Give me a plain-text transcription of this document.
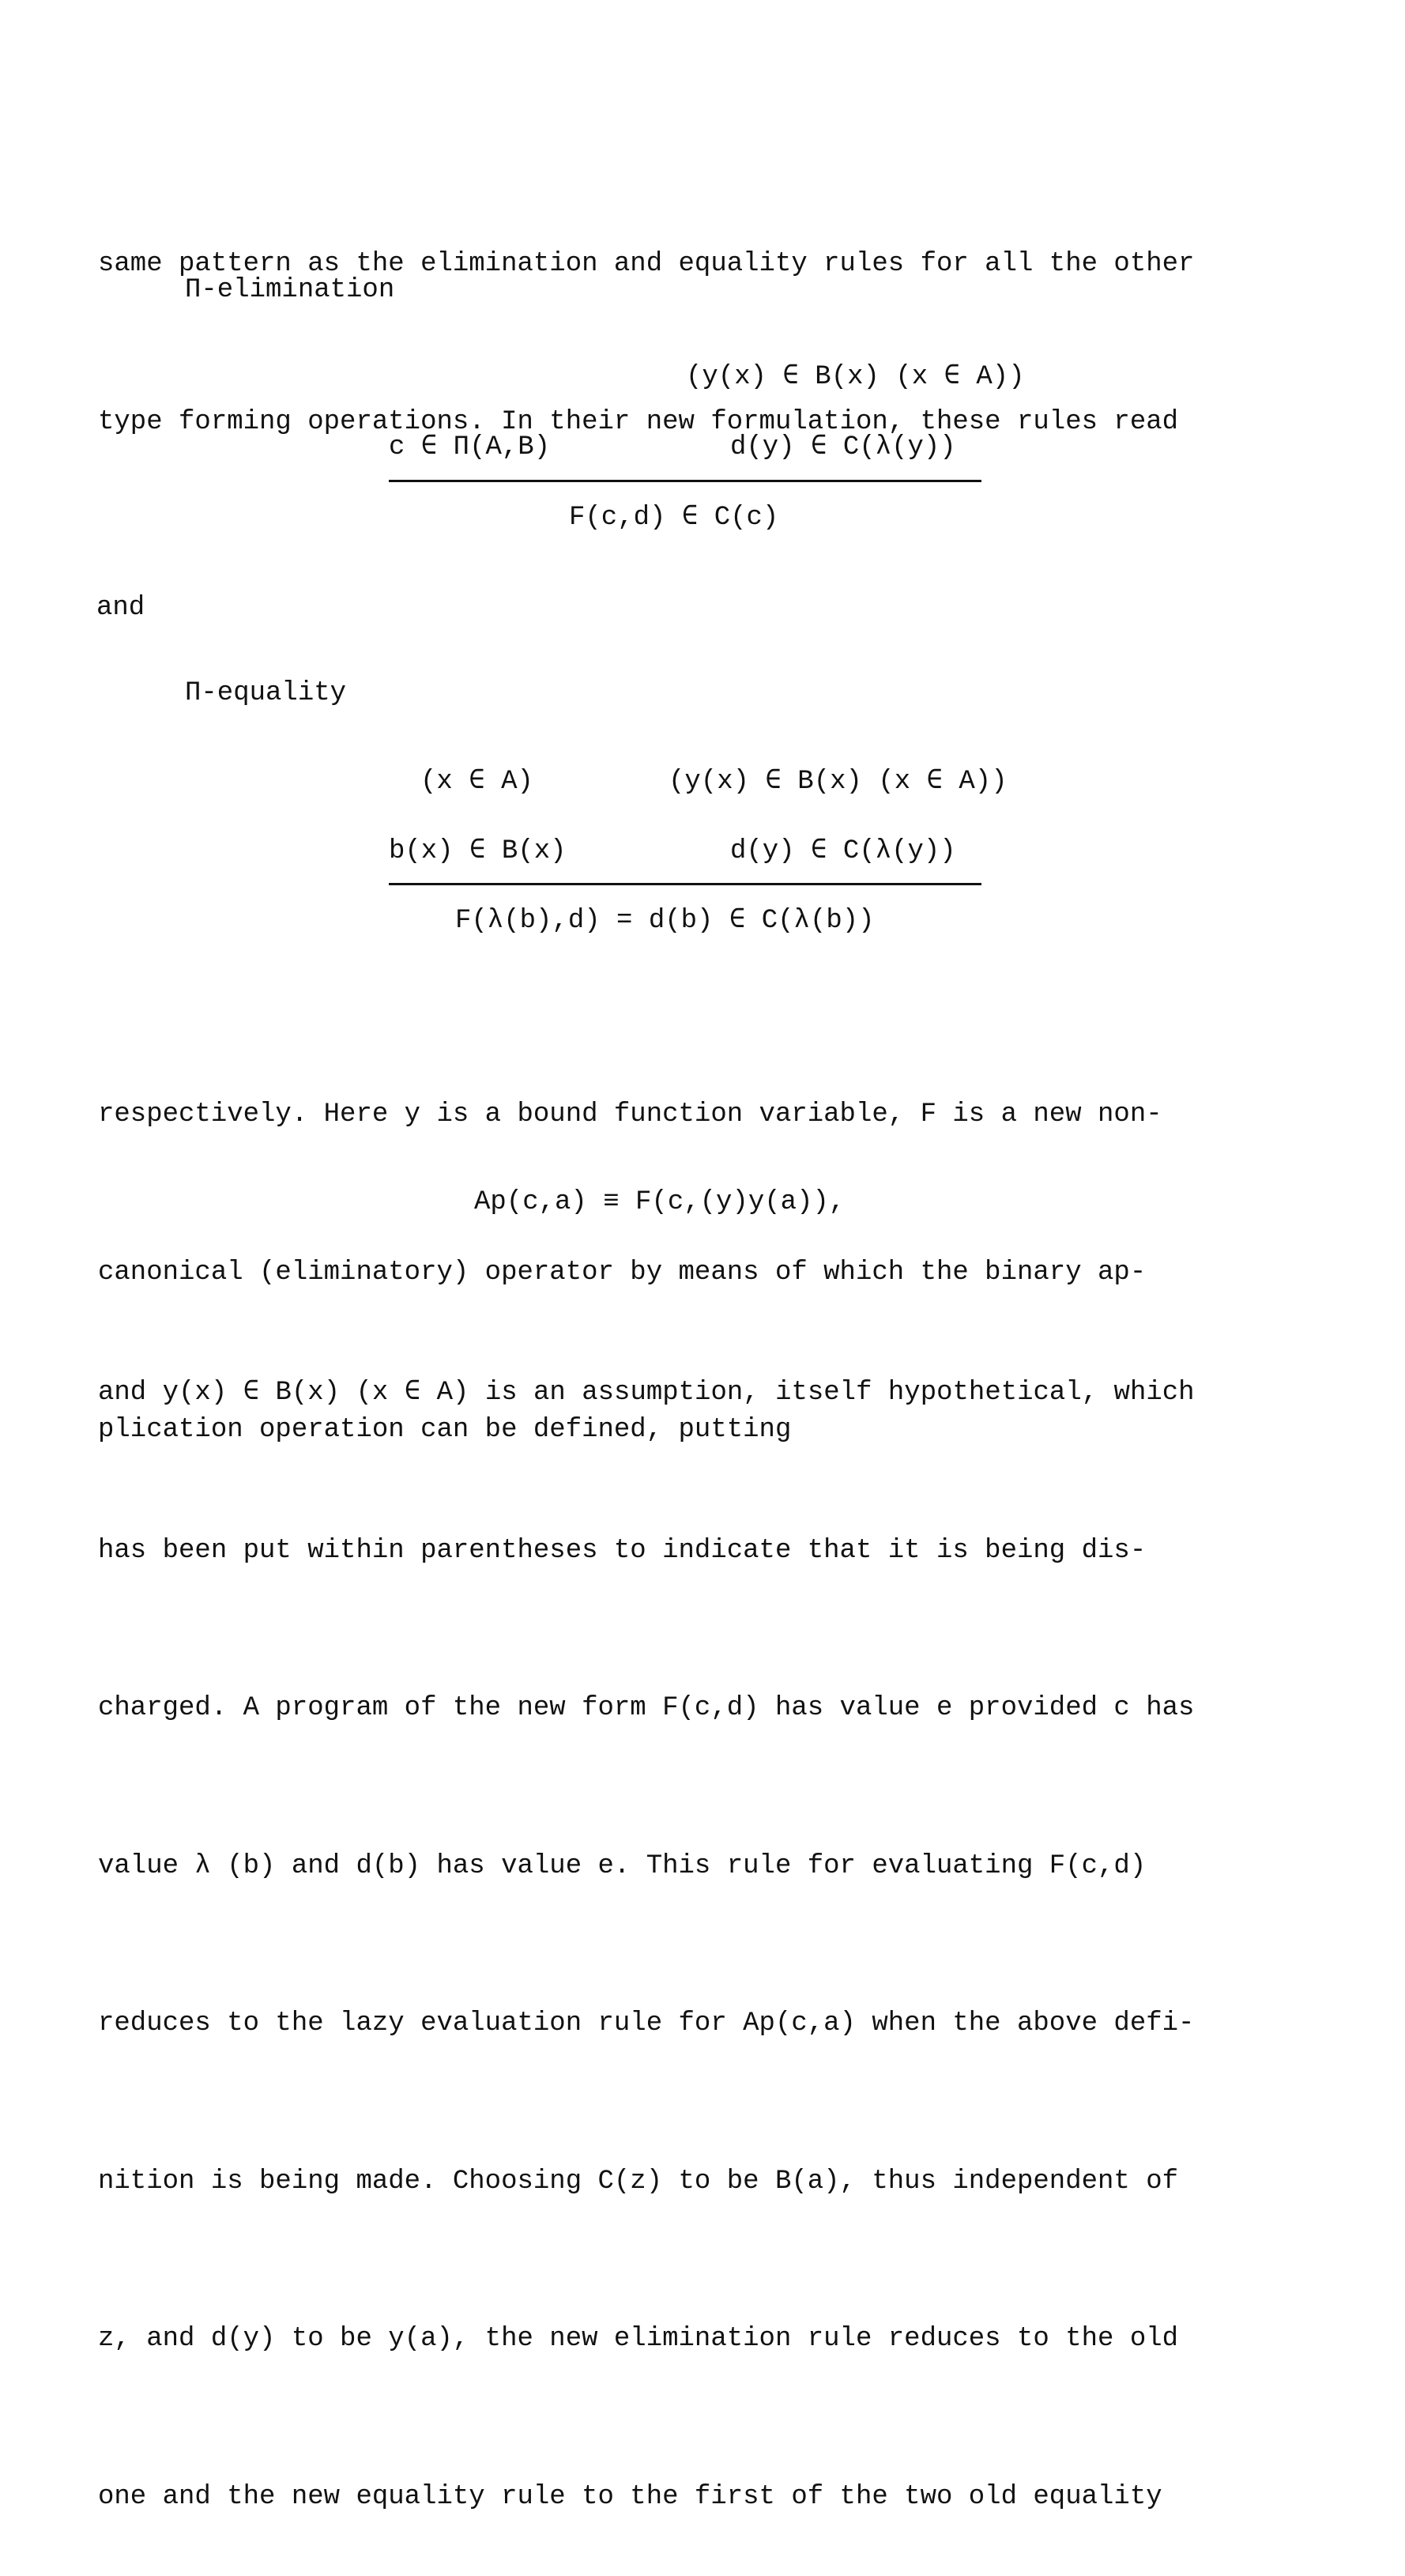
same pattern as the elimination and equality rules for all the other

type forming operations. In their new formulation, these rules read

Π-elimination
(y(x) ∈ B(x) (x ∈ A))
c ∈ Π(A,B)	d(y) ∈ C(λ(y))
F(c,d) ∈ C(c)
and
Π-equality
(x ∈ A)	(y(x) ∈ B(x) (x ∈ A))
b(x) ∈ B(x)	d(y) ∈ C(λ(y))
F(λ(b),d) = d(b) ∈ C(λ(b))

respectively. Here y is a bound function variable, F is a new non-

canonical (eliminatory) operator by means of which the binary ap-

plication operation can be defined, putting

Ap(c,a) ≡ F(c,(y)y(a)),

and y(x) ∈ B(x) (x ∈ A) is an assumption, itself hypothetical, which

has been put within parentheses to indicate that it is being dis-

charged. A program of the new form F(c,d) has value e provided c has

value λ (b) and d(b) has value e. This rule for evaluating F(c,d)

reduces to the lazy evaluation rule for Ap(c,a) when the above defi-

nition is being made. Choosing C(z) to be B(a), thus independent of

z, and d(y) to be y(a), the new elimination rule reduces to the old

one and the new equality rule to the first of the two old equality
